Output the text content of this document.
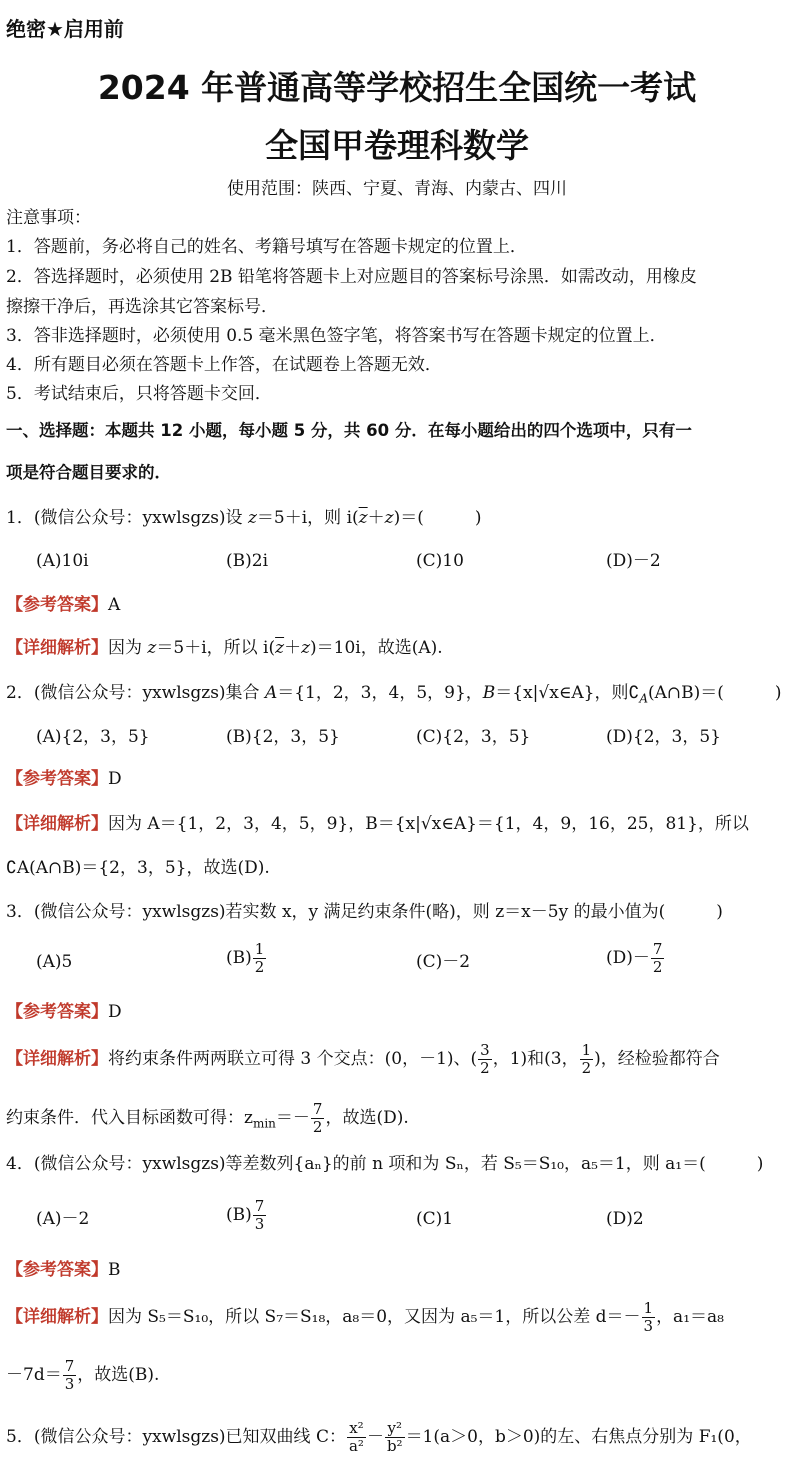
绝密★启用前
2024 年普通高等学校招生全国统一考试
全国甲卷理科数学
使用范围：陕西、宁夏、青海、内蒙古、四川
注意事项：
1．答题前，务必将自己的姓名、考籍号填写在答题卡规定的位置上．
2．答选择题时，必须使用 2B 铅笔将答题卡上对应题目的答案标号涂黑．如需改动，用橡皮
擦擦干净后，再选涂其它答案标号．
3．答非选择题时，必须使用 0.5 毫米黑色签字笔，将答案书写在答题卡规定的位置上．
4．所有题目必须在答题卡上作答，在试题卷上答题无效．
5．考试结束后，只将答题卡交回．
一、选择题：本题共 12 小题，每小题 5 分，共 60 分．在每小题给出的四个选项中，只有一
项是符合题目要求的．
1．(微信公众号：yxwlsgzs)设 z＝5＋i，则 $i(\overline{z}+z)=$(　　　)
(A)10i	(B)2i	(C)10	(D)－2
【参考答案】A
【详细解析】因为 z＝5＋i，所以 $i(\overline{z}+z)=10i$，故选(A).
2．(微信公众号：yxwlsgzs)集合 A＝{1，2，3，4，5，9}，B＝{x|√x∈A}，则$∁_A(A\cap B)=$(　　　)
(A){2，3，5}	(B){2，3，5}	(C){2，3，5}	(D){2，3，5}
【参考答案】D
【详细解析】因为 A＝{1，2，3，4，5，9}，B＝{x|√x∈A}＝{1，4，9，16，25，81}，所以
∁A(A∩B)＝{2，3，5}，故选(D).
3．(微信公众号：yxwlsgzs)若实数 x，y 满足约束条件(略)，则 z＝x－5y 的最小值为(　　　)
(A)5	$(B) \frac{1}{2}$	(C)－2	$(D)- \frac{7}{2}$
【参考答案】D
【详细解析】将约束条件两两联立可得 3 个交点：(0，－1)、( $\frac{3}{2}$ ，1)和(3， $\frac{1}{2}$ )，经检验都符合
约束条件．代入目标函数可得：$z_{min}=- \frac{7}{2}$ ，故选(D).
4．(微信公众号：yxwlsgzs)等差数列{aₙ}的前 n 项和为 Sₙ，若 S₅＝S₁₀，a₅＝1，则 a₁＝(　　　)
(A)－2	$(B) \frac{7}{3}$	(C)1	(D)2
【参考答案】B
【详细解析】因为 S₅＝S₁₀，所以 S₇＝S₁₈，a₈＝0，又因为 a₅＝1，所以公差 $d=- \frac{1}{3}$ ，a₁＝a₈
$-7d= \frac{7}{3}$ ，故选(B).
5．(微信公众号：yxwlsgzs)已知双曲线 C： $\frac{\text{x²}}{\text{a²}} - \frac{\text{y²}}{\text{b²}} =1(a>0$，b＞0)的左、右焦点分别为 F₁(0，
